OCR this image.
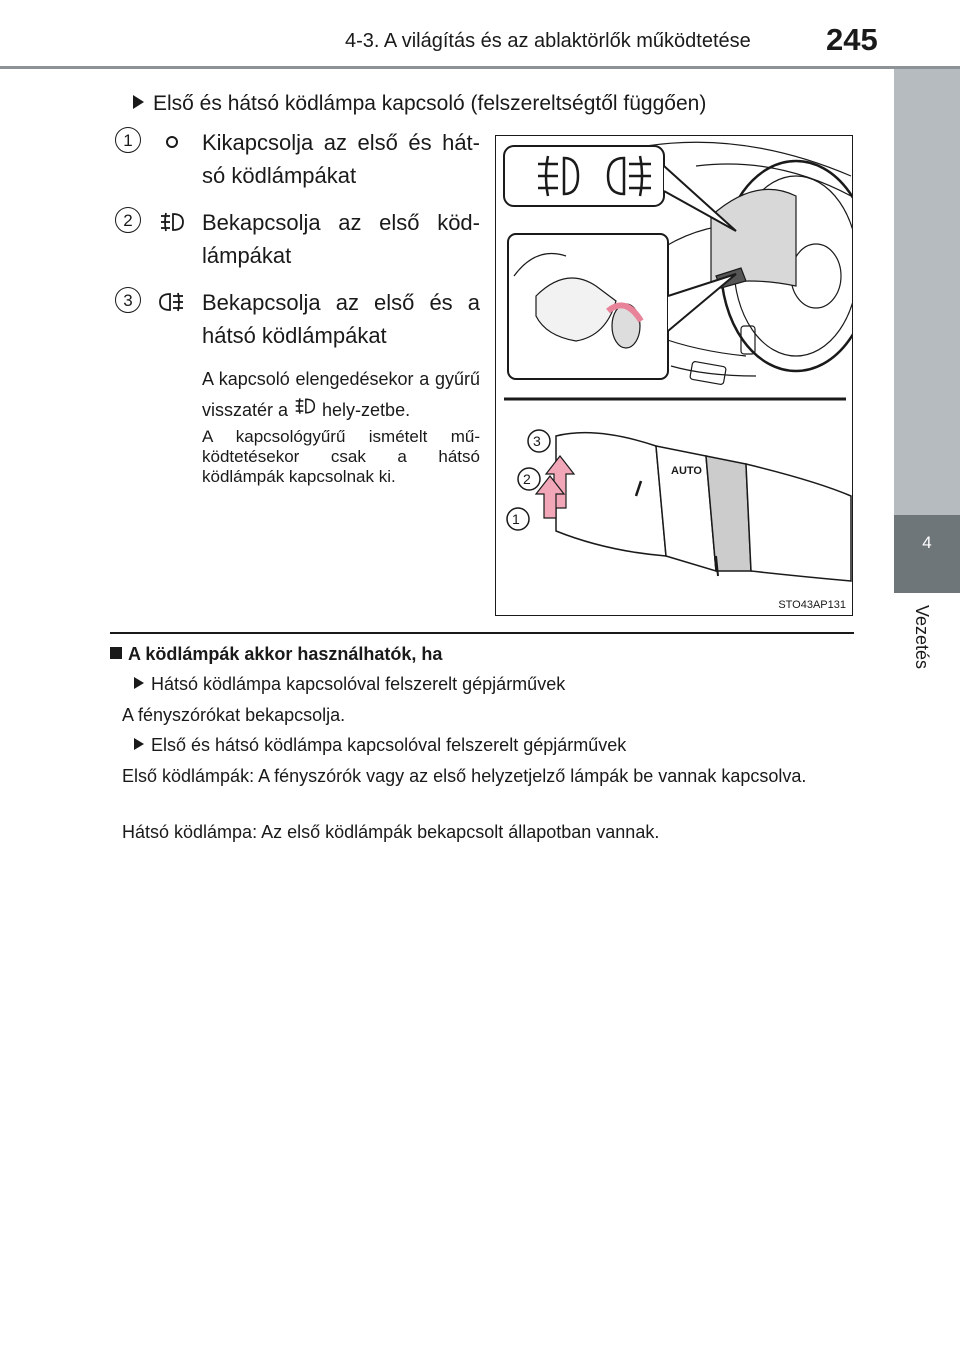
4-3. A világítás és az ablaktörlők működtetése 245
4
Vezetés
Első és hátsó ködlámpa kapcsoló (felszereltségtől függően)
1	Kikapcsolja az első és hát-só ködlámpákat
2	Bekapcsolja az első köd-lámpákat
3	Bekapcsolja az első és a hátsó ködlámpákat
A kapcsoló elengedésekor a gyűrű visszatér a hely-zetbe.
A kapcsológyűrű ismételt mű-ködtetésekor csak a hátsó ködlámpák kapcsolnak ki.	AUTO
3
2
1
STO43AP131
A ködlámpák akkor használhatók, ha
Hátsó ködlámpa kapcsolóval felszerelt gépjárművek
A fényszórókat bekapcsolja.
Első és hátsó ködlámpa kapcsolóval felszerelt gépjárművek
Első ködlámpák: A fényszórók vagy az első helyzetjelző lámpák be vannak kapcsolva.
Hátsó ködlámpa: Az első ködlámpák bekapcsolt állapotban vannak.
